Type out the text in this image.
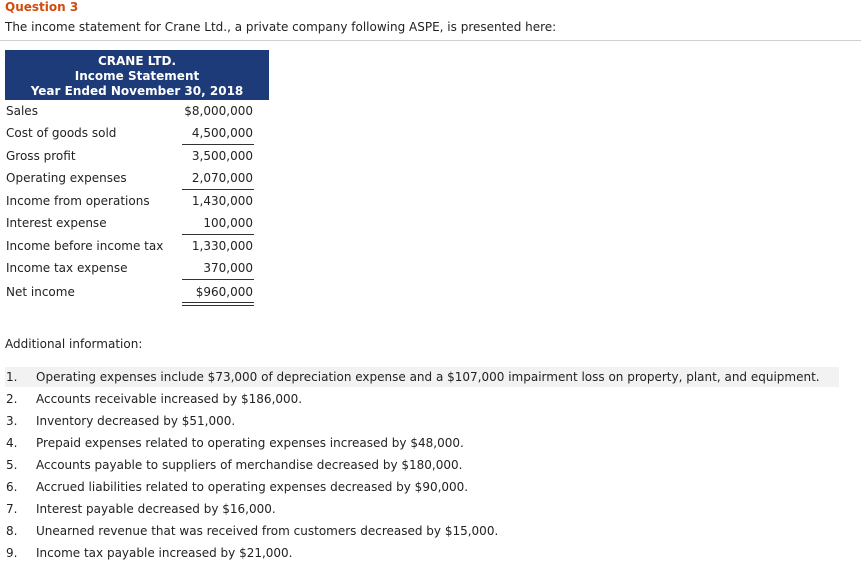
Question 3
The income statement for Crane Ltd., a private company following ASPE, is presented here:
CRANE LTD.
Income Statement
Year Ended November 30, 2018
Sales	$8,000,000
Cost of goods sold	4,500,000
Gross profit	3,500,000
Operating expenses	2,070,000
Income from operations	1,430,000
Interest expense	100,000
Income before income tax 1,330,000
Income tax expense	370,000
Net income	$960,000
Additional information:
1. Operating expenses include $73,000 of depreciation expense and a $107,000 impairment loss on property, plant, and equipment.
2. Accounts receivable increased by $186,000.
3. Inventory decreased by $51,000.
4. Prepaid expenses related to operating expenses increased by $48,000.
5. Accounts payable to suppliers of merchandise decreased by $180,000.
6. Accrued liabilities related to operating expenses decreased by $90,000.
7. Interest payable decreased by $16,000.
8. Unearned revenue that was received from customers decreased by $15,000.
9. Income tax payable increased by $21,000.
